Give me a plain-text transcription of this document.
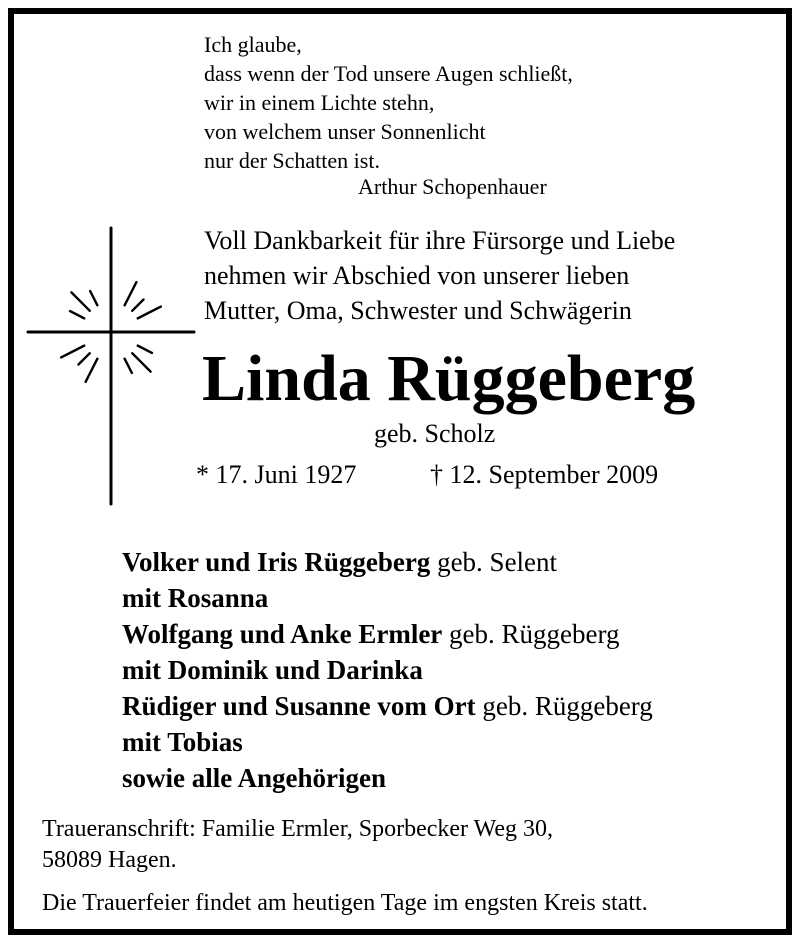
Ich glaube,
dass wenn der Tod unsere Augen schließt,
wir in einem Lichte stehn,
von welchem unser Sonnenlicht
nur der Schatten ist.
Arthur Schopenhauer
Voll Dankbarkeit für ihre Fürsorge und Liebe
nehmen wir Abschied von unserer lieben
Mutter, Oma, Schwester und Schwägerin
Linda Rüggeberg
geb. Scholz
* 17. Juni 1927	† 12. September 2009
Volker und Iris Rüggeberg geb. Selent
mit Rosanna
Wolfgang und Anke Ermler geb. Rüggeberg
mit Dominik und Darinka
Rüdiger und Susanne vom Ort geb. Rüggeberg
mit Tobias
sowie alle Angehörigen
Traueranschrift: Familie Ermler, Sporbecker Weg 30,
58089 Hagen.
Die Trauerfeier findet am heutigen Tage im engsten Kreis statt.
